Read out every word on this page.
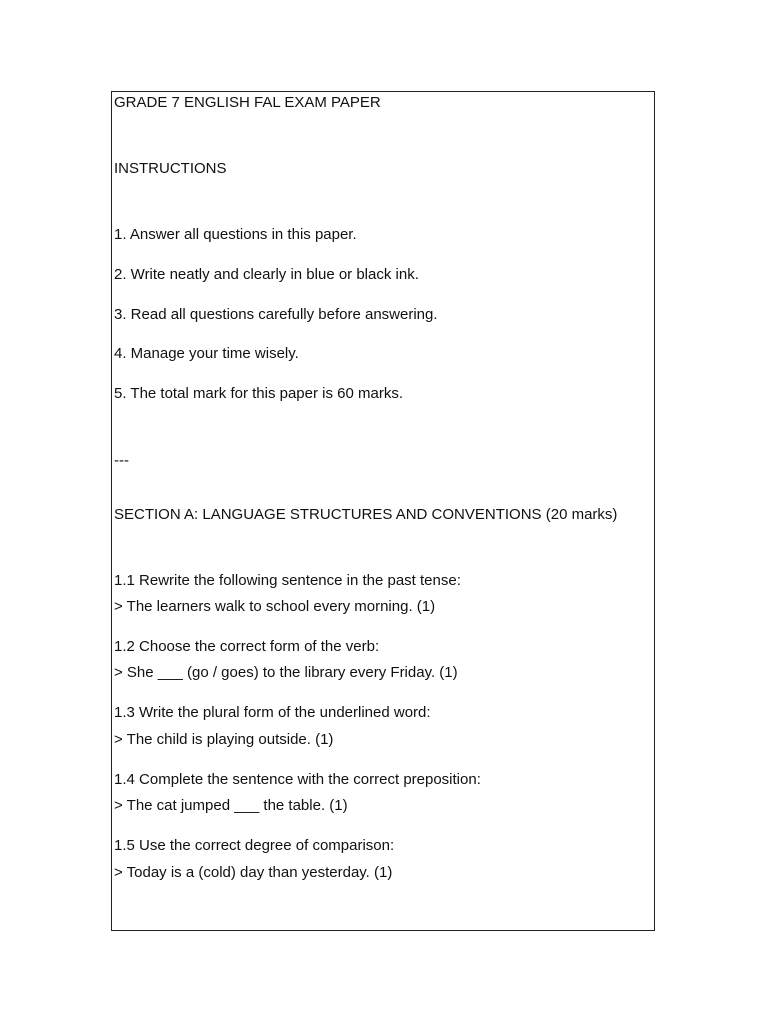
GRADE 7 ENGLISH FAL EXAM PAPER
INSTRUCTIONS
1. Answer all questions in this paper.
2. Write neatly and clearly in blue or black ink.
3. Read all questions carefully before answering.
4. Manage your time wisely.
5. The total mark for this paper is 60 marks.
---
SECTION A: LANGUAGE STRUCTURES AND CONVENTIONS (20 marks)
1.1 Rewrite the following sentence in the past tense:
> The learners walk to school every morning. (1)
1.2 Choose the correct form of the verb:
> She ___ (go / goes) to the library every Friday. (1)
1.3 Write the plural form of the underlined word:
> The child is playing outside. (1)
1.4 Complete the sentence with the correct preposition:
> The cat jumped ___ the table. (1)
1.5 Use the correct degree of comparison:
> Today is a (cold) day than yesterday. (1)
